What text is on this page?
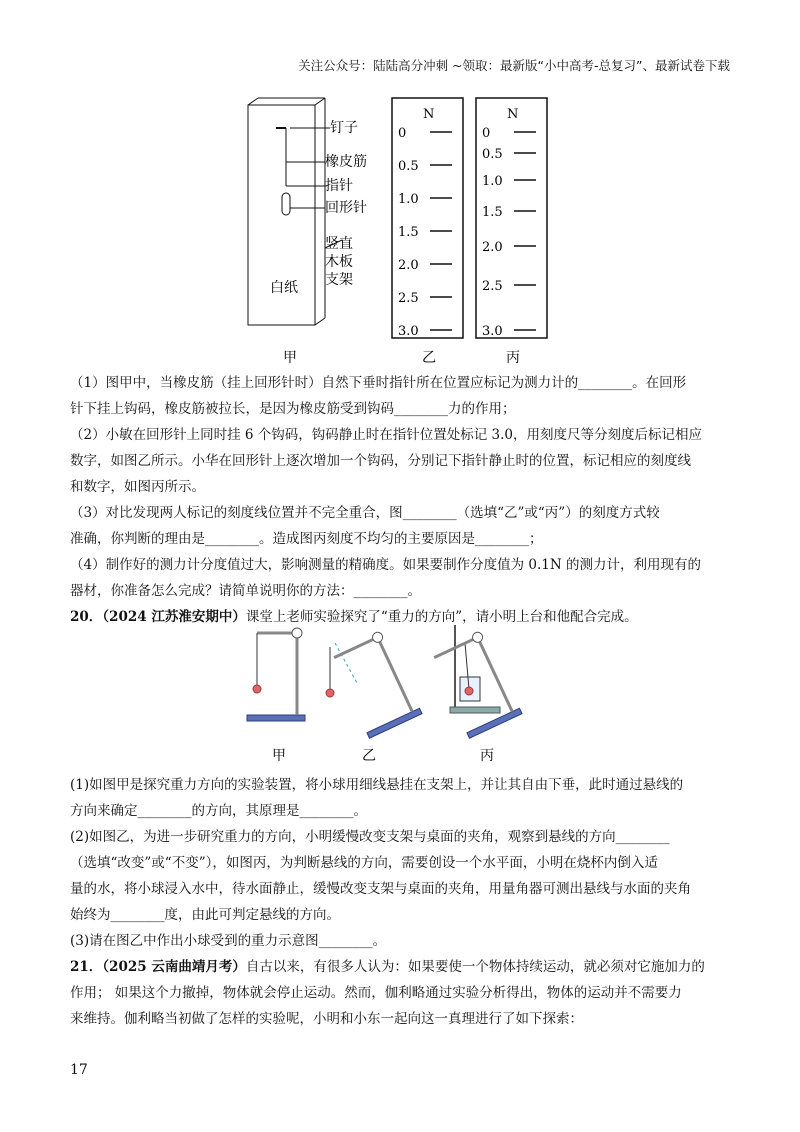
关注公众号：陆陆高分冲刺 ~领取：最新版“小中高考-总复习”、最新试卷下载
钉子
橡皮筋
指针
回形针
竖直
木板
支架
白纸
N
0
0.5
1.0
1.5
2.0
2.5
3.0
N
0
0.5
1.0
1.5
2.0
2.5
3.0
甲	乙	丙
（1）图甲中，当橡皮筋（挂上回形针时）自然下垂时指针所在位置应标记为测力计的________。在回形
针下挂上钩码，橡皮筋被拉长，是因为橡皮筋受到钩码________力的作用；
（2）小敏在回形针上同时挂 6 个钩码，钩码静止时在指针位置处标记 3.0，用刻度尺等分刻度后标记相应
数字，如图乙所示。小华在回形针上逐次增加一个钩码，分别记下指针静止时的位置，标记相应的刻度线
和数字，如图丙所示。
（3）对比发现两人标记的刻度线位置并不完全重合，图________（选填“乙”或“丙”）的刻度方式较
准确，你判断的理由是________。造成图丙刻度不均匀的主要原因是________；
（4）制作好的测力计分度值过大，影响测量的精确度。如果要制作分度值为 0.1N 的测力计，利用现有的
器材，你准备怎么完成？请简单说明你的方法：________。
20．（2024 江苏淮安期中）课堂上老师实验探究了“重力的方向”，请小明上台和他配合完成。
甲	乙	丙
(1)如图甲是探究重力方向的实验装置，将小球用细线悬挂在支架上，并让其自由下垂，此时通过悬线的
方向来确定________的方向，其原理是________。
(2)如图乙，为进一步研究重力的方向，小明缓慢改变支架与桌面的夹角，观察到悬线的方向________
（选填“改变”或“不变”），如图丙，为判断悬线的方向，需要创设一个水平面，小明在烧杯内倒入适
量的水，将小球浸入水中，待水面静止，缓慢改变支架与桌面的夹角，用量角器可测出悬线与水面的夹角
始终为________度，由此可判定悬线的方向。
(3)请在图乙中作出小球受到的重力示意图________。
21．（2025 云南曲靖月考）自古以来，有很多人认为：如果要使一个物体持续运动，就必须对它施加力的
作用； 如果这个力撤掉，物体就会停止运动。然而，伽利略通过实验分析得出，物体的运动并不需要力
来维持。伽利略当初做了怎样的实验呢，小明和小东一起向这一真理进行了如下探索：
17
